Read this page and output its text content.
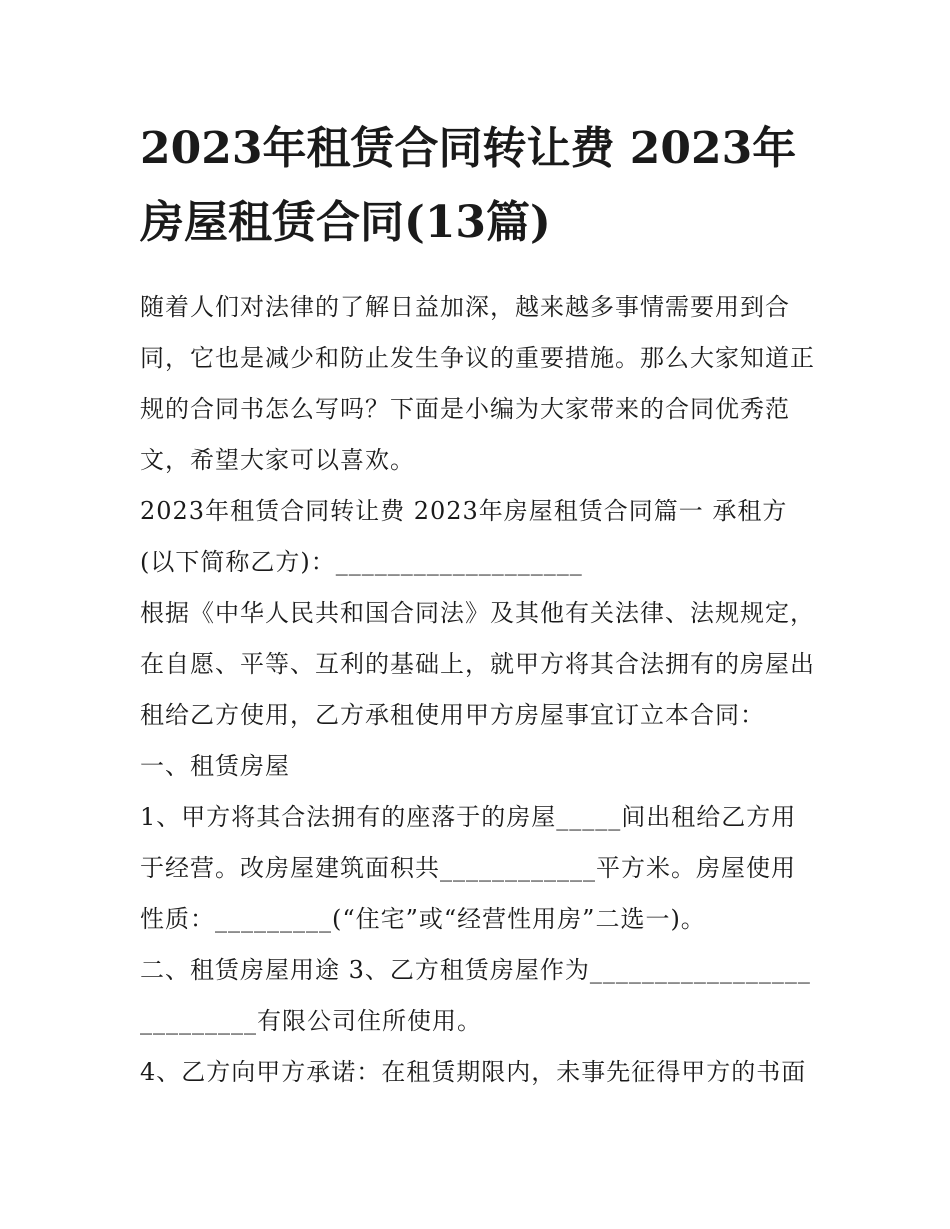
2023年租赁合同转让费 2023年房屋租赁合同(13篇)

随着人们对法律的了解日益加深，越来越多事情需要用到合同，它也是减少和防止发生争议的重要措施。那么大家知道正规的合同书怎么写吗？下面是小编为大家带来的合同优秀范文，希望大家可以喜欢。

2023年租赁合同转让费 2023年房屋租赁合同篇一 承租方(以下简称乙方)：___________________

根据《中华人民共和国合同法》及其他有关法律、法规规定，在自愿、平等、互利的基础上，就甲方将其合法拥有的房屋出租给乙方使用，乙方承租使用甲方房屋事宜订立本合同：

一、租赁房屋

1、甲方将其合法拥有的座落于的房屋_____间出租给乙方用于经营。改房屋建筑面积共____________平方米。房屋使用性质：_________(“住宅”或“经营性用房”二选一)。

二、租赁房屋用途 3、乙方租赁房屋作为__________________________有限公司住所使用。

4、乙方向甲方承诺：在租赁期限内，未事先征得甲方的书面
